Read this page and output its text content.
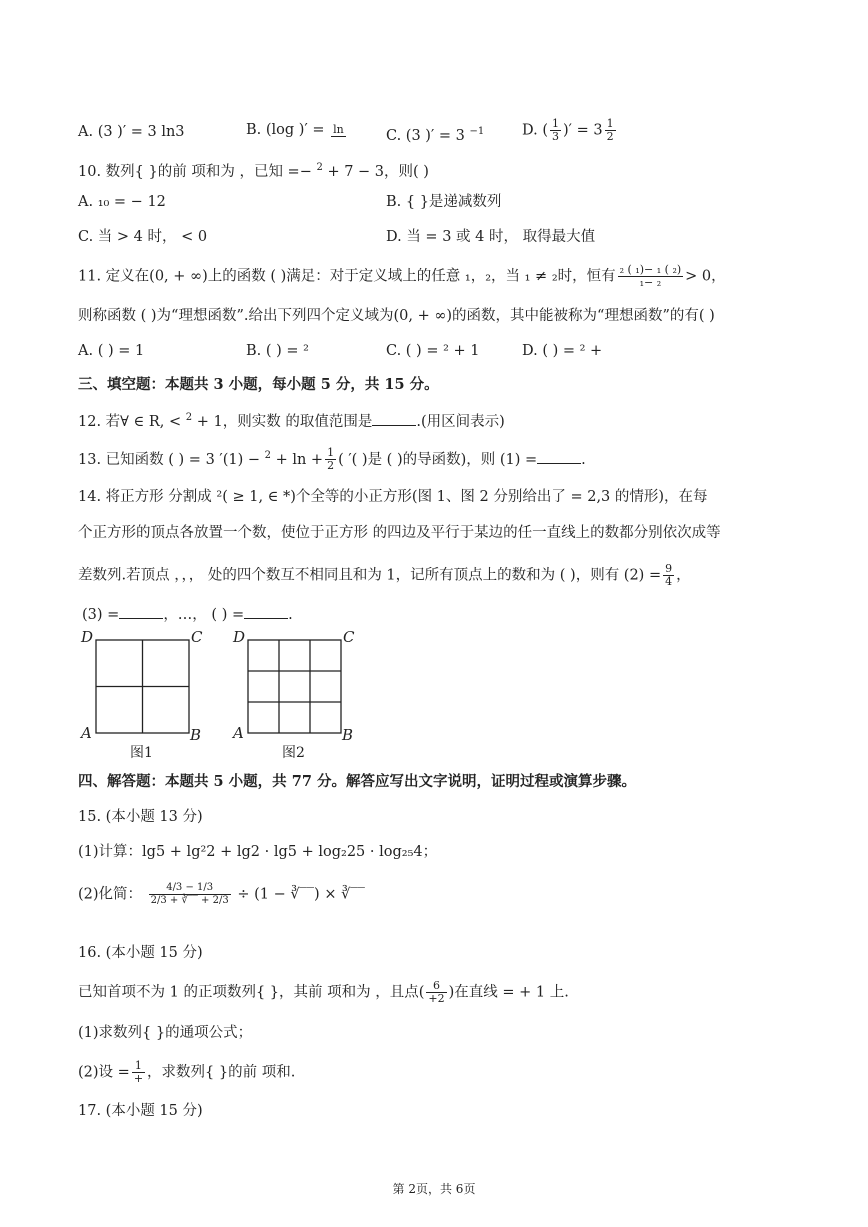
A. (3 )′ = 3 ln3	B. (log )′ = ln	C. (3 )′ = 3 $^{-1}$	D. ( $\frac{1}{3}$ )′ = $3 \frac{1}{2}$
10. 数列{ }的前 项和为 ，已知 =− $^2$ + 7 − 3，则( )
A. ₁₀ = − 12	B. { }是递减数列
C. 当 > 4 时， < 0	D. 当 = 3 或 4 时， 取得最大值
11. 定义在(0, + ∞)上的函数 ( )满足：对于定义域上的任意 ₁，₂，当 ₁ ≠ ₂时，恒有 $\frac{\text{₂ ( ₁)− ₁ ( ₂)}}{\text{₁− ₂}} > 0$，
则称函数 ( )为“理想函数”.给出下列四个定义域为(0, + ∞)的函数，其中能被称为“理想函数”的有( )
A. ( ) = 1	B. ( ) = ²	C. ( ) = ² + 1	D. ( ) = ² +
三、填空题：本题共 3 小题，每小题 5 分，共 15 分。
12. 若∀ ∈ R, < $^2$ + 1，则实数 的取值范围是	.(用区间表示)
13. 已知函数 ( ) = 3 $'(1) - ^2 + \ln + \frac{1}{2}$ ( ′( )是 ( )的导函数)，则 (1) =	.
14. 将正方形 分割成 ²( ≥ 1, ∈ *)个全等的小正方形(图 1、图 2 分别给出了 = 2,3 的情形)，在每
个正方形的顶点各放置一个数，使位于正方形 的四边及平行于某边的任一直线上的数都分别依次成等
差数列.若顶点 ，，， 处的四个数互不相同且和为 1，记所有顶点上的数和为 ( )，则有 $(2) = \frac{9}{4}$ ，
(3) =	，…， ( ) =	.
D	C
A	B
图1
D	C
A	B
图2
四、解答题：本题共 5 小题，共 77 分。解答应写出文字说明，证明过程或演算步骤。
15. (本小题 13 分)
(1)计算：lg5 + lg²2 + lg2 · lg5 + log₂25 · log₂₅4；
(2)化简： $\frac{4/3 - 1/3}{2/3 + ∛‾‾ + 2/3} \div (1$ − ∛‾‾) × ∛‾‾
16. (本小题 15 分)
已知首项不为 1 的正项数列{ }，其前 项和为 ，且点( $\frac{6}{+2}$ )在直线 = + 1 上.
(1)求数列{ }的通项公式；
(2)设 = $\frac{1}{+}$ ，求数列{ }的前 项和.
17. (本小题 15 分)
第 2页，共 6页
